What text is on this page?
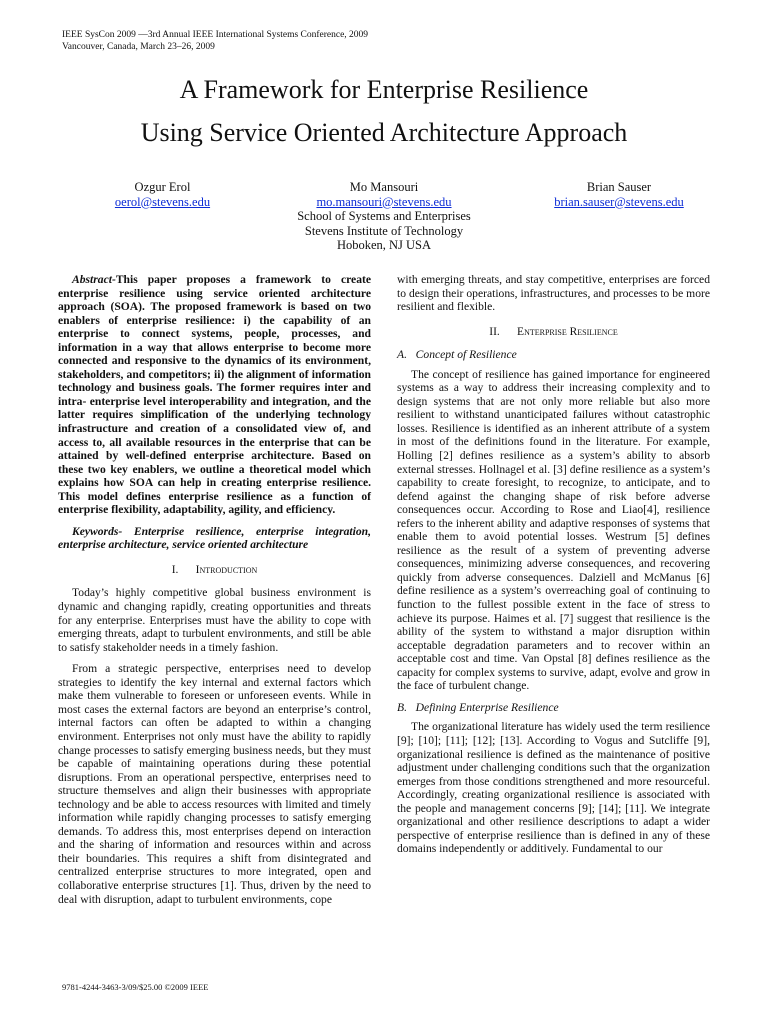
IEEE SysCon 2009 —3rd Annual IEEE International Systems Conference, 2009
Vancouver, Canada, March 23–26, 2009
A Framework for Enterprise Resilience
Using Service Oriented Architecture Approach
Ozgur Erol
oerol@stevens.edu
Mo Mansouri
mo.mansouri@stevens.edu
School of Systems and Enterprises
Stevens Institute of Technology
Hoboken, NJ USA
Brian Sauser
brian.sauser@stevens.edu

Abstract-This paper proposes a framework to create enterprise resilience using service oriented architecture approach (SOA). The proposed framework is based on two enablers of enterprise resilience: i) the capability of an enterprise to connect systems, people, processes, and information in a way that allows enterprise to become more connected and responsive to the dynamics of its environment, stakeholders, and competitors; ii) the alignment of information technology and business goals. The former requires inter and intra- enterprise level interoperability and integration, and the latter requires simplification of the underlying technology infrastructure and creation of a consolidated view of, and access to, all available resources in the enterprise that can be attained by well-defined enterprise architecture. Based on these two key enablers, we outline a theoretical model which explains how SOA can help in creating enterprise resilience. This model defines enterprise resilience as a function of enterprise flexibility, adaptability, agility, and efficiency.

Keywords- Enterprise resilience, enterprise integration, enterprise architecture, service oriented architecture

I. Introduction

Today’s highly competitive global business environment is dynamic and changing rapidly, creating opportunities and threats for any enterprise. Enterprises must have the ability to cope with emerging threats, adapt to turbulent environments, and still be able to satisfy stakeholder needs in a timely fashion.

From a strategic perspective, enterprises need to develop strategies to identify the key internal and external factors which make them vulnerable to foreseen or unforeseen events. While in most cases the external factors are beyond an enterprise’s control, internal factors can often be adapted to within a changing environment. Enterprises not only must have the ability to rapidly change processes to satisfy emerging business needs, but they must be capable of maintaining operations during these potential disruptions. From an operational perspective, enterprises need to structure themselves and align their businesses with appropriate technology and be able to access resources with limited and timely information while rapidly changing processes to satisfy emerging demands. To address this, most enterprises depend on interaction and the sharing of information and resources within and across their boundaries. This requires a shift from disintegrated and centralized enterprise structures to more integrated, open and collaborative enterprise structures [1]. Thus, driven by the need to deal with disruption, adapt to turbulent environments, cope

with emerging threats, and stay competitive, enterprises are forced to design their operations, infrastructures, and processes to be more resilient and flexible.

II. Enterprise Resilience

A.   Concept of Resilience

The concept of resilience has gained importance for engineered systems as a way to address their increasing complexity and to design systems that are not only more reliable but also more resilient to withstand unanticipated failures without catastrophic losses. Resilience is identified as an inherent attribute of a system in most of the definitions found in the literature. For example, Holling [2] defines resilience as a system’s ability to absorb external stresses. Hollnagel et al. [3] define resilience as a system’s capability to create foresight, to recognize, to anticipate, and to defend against the changing shape of risk before adverse consequences occur. According to Rose and Liao[4], resilience refers to the inherent ability and adaptive responses of systems that enable them to avoid potential losses. Westrum [5] defines resilience as the result of a system of preventing adverse consequences, minimizing adverse consequences, and recovering quickly from adverse consequences. Dalziell and McManus [6] define resilience as a system’s overreaching goal of continuing to function to the fullest possible extent in the face of stress to achieve its purpose. Haimes et al. [7] suggest that resilience is the ability of the system to withstand a major disruption within acceptable degradation parameters and to recover within an acceptable cost and time. Van Opstal [8] defines resilience as the capacity for complex systems to survive, adapt, evolve and grow in the face of turbulent change.

B.   Defining Enterprise Resilience

The organizational literature has widely used the term resilience [9]; [10]; [11]; [12]; [13]. According to Vogus and Sutcliffe [9], organizational resilience is defined as the maintenance of positive adjustment under challenging conditions such that the organization emerges from those conditions strengthened and more resourceful. Accordingly, creating organizational resilience is associated with the people and management concerns [9]; [14]; [11]. We integrate organizational and other resilience descriptions to adapt a wider perspective of enterprise resilience than is defined in any of these domains independently or additively. Fundamental to our

9781-4244-3463-3/09/$25.00 ©2009 IEEE
